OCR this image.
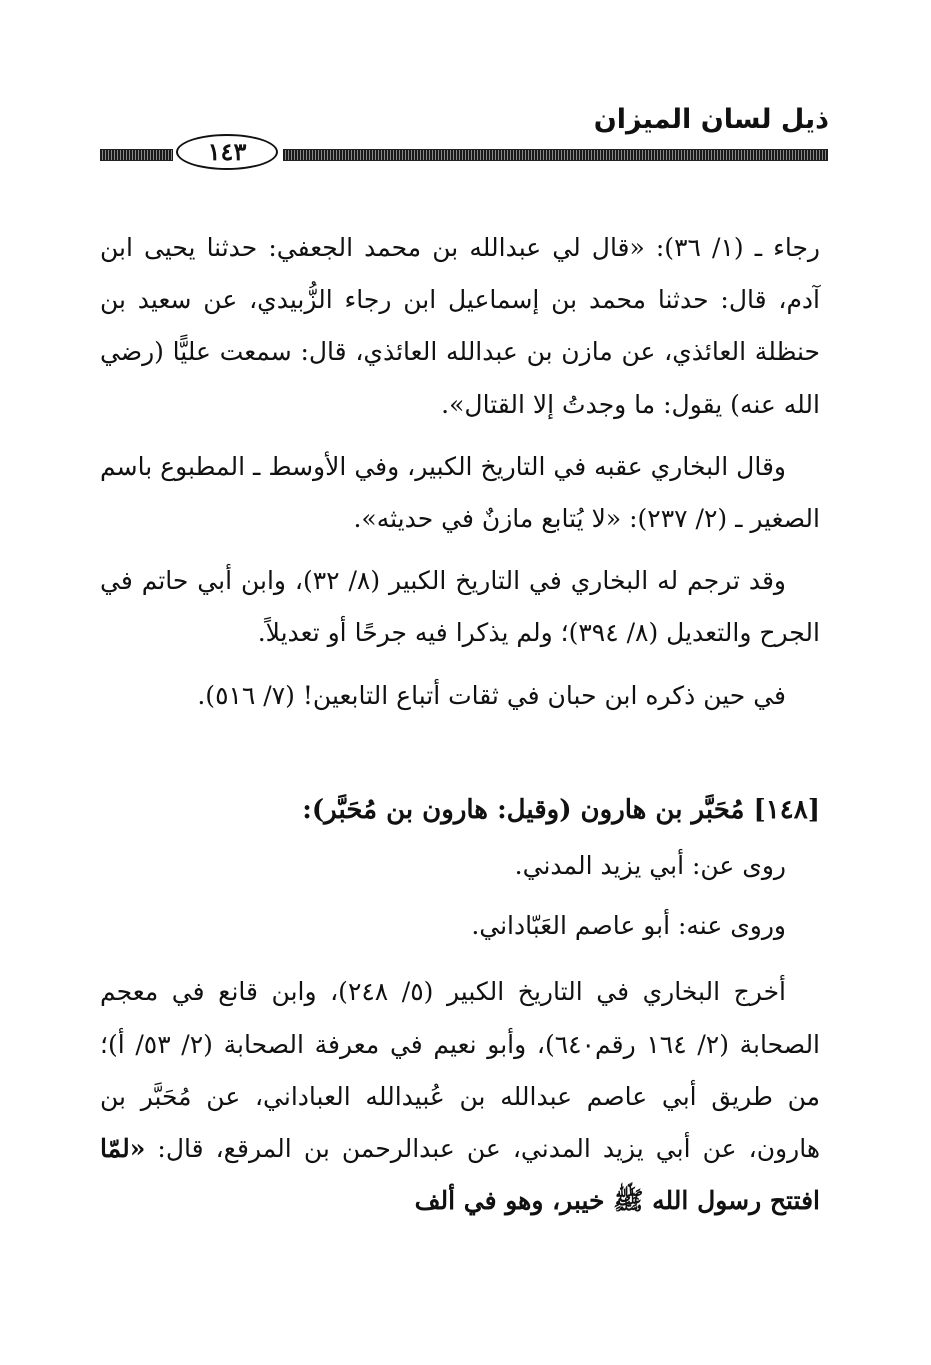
ذيل لسان الميزان
١٤٣

رجاء ـ (١/ ٣٦): «قال لي عبدالله بن محمد الجعفي: حدثنا يحيى ابن آدم، قال: حدثنا محمد بن إسماعيل ابن رجاء الزُّبيدي، عن سعيد بن حنظلة العائذي، عن مازن بن عبدالله العائذي، قال: سمعت عليًّا (رضي الله عنه) يقول: ما وجدتُ إلا القتال».

وقال البخاري عقبه في التاريخ الكبير، وفي الأوسط ـ المطبوع باسم الصغير ـ (٢/ ٢٣٧): «لا يُتابع مازنٌ في حديثه».

وقد ترجم له البخاري في التاريخ الكبير (٨/ ٣٢)، وابن أبي حاتم في الجرح والتعديل (٨/ ٣٩٤)؛ ولم يذكرا فيه جرحًا أو تعديلاً.

في حين ذكره ابن حبان في ثقات أتباع التابعين! (٧/ ٥١٦).

[١٤٨] مُحَبَّر بن هارون (وقيل: هارون بن مُحَبَّر):

روى عن: أبي يزيد المدني.

وروى عنه: أبو عاصم العَبّاداني.

أخرج البخاري في التاريخ الكبير (٥/ ٢٤٨)، وابن قانع في معجم الصحابة (٢/ ١٦٤ رقم٦٤٠)، وأبو نعيم في معرفة الصحابة (٢/ ٥٣/ أ)؛ من طريق أبي عاصم عبدالله بن عُبيدالله العباداني، عن مُحَبَّر بن هارون، عن أبي يزيد المدني، عن عبدالرحمن بن المرقع، قال: «لمّا افتتح رسول الله ﷺ خيبر، وهو في ألف
